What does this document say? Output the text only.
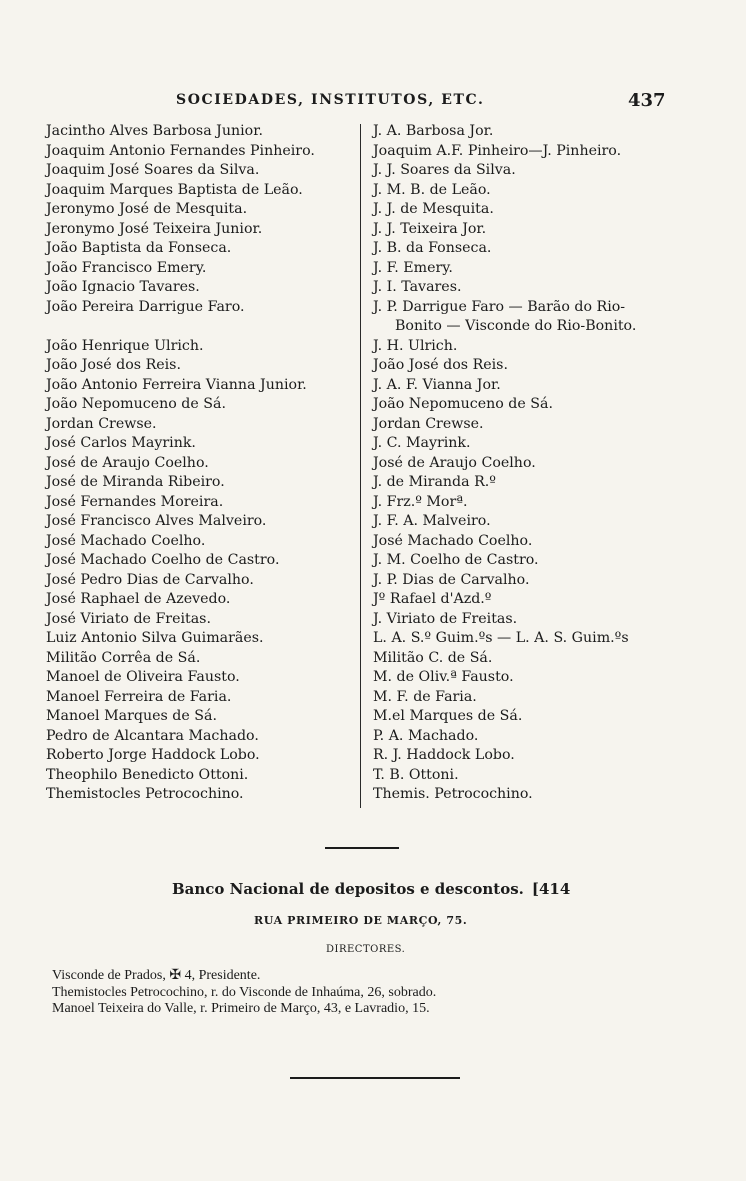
SOCIEDADES, INSTITUTOS, ETC.	437
Jacintho Alves Barbosa Junior.
Joaquim Antonio Fernandes Pinheiro.
Joaquim José Soares da Silva.
Joaquim Marques Baptista de Leão.
Jeronymo José de Mesquita.
Jeronymo José Teixeira Junior.
João Baptista da Fonseca.
João Francisco Emery.
João Ignacio Tavares.
João Pereira Darrigue Faro.
João Henrique Ulrich.
João José dos Reis.
João Antonio Ferreira Vianna Junior.
João Nepomuceno de Sá.
Jordan Crewse.
José Carlos Mayrink.
José de Araujo Coelho.
José de Miranda Ribeiro.
José Fernandes Moreira.
José Francisco Alves Malveiro.
José Machado Coelho.
José Machado Coelho de Castro.
José Pedro Dias de Carvalho.
José Raphael de Azevedo.
José Viriato de Freitas.
Luiz Antonio Silva Guimarães.
Militão Corrêa de Sá.
Manoel de Oliveira Fausto.
Manoel Ferreira de Faria.
Manoel Marques de Sá.
Pedro de Alcantara Machado.
Roberto Jorge Haddock Lobo.
Theophilo Benedicto Ottoni.
Themistocles Petrocochino.
J. A. Barbosa Jor.
Joaquim A.F. Pinheiro—J. Pinheiro.
J. J. Soares da Silva.
J. M. B. de Leão.
J. J. de Mesquita.
J. J. Teixeira Jor.
J. B. da Fonseca.
J. F. Emery.
J. I. Tavares.
J. P. Darrigue Faro — Barão do Rio-
Bonito — Visconde do Rio-Bonito.
J. H. Ulrich.
João José dos Reis.
J. A. F. Vianna Jor.
João Nepomuceno de Sá.
Jordan Crewse.
J. C. Mayrink.
José de Araujo Coelho.
J. de Miranda R.º
J. Frz.º Morª.
J. F. A. Malveiro.
José Machado Coelho.
J. M. Coelho de Castro.
J. P. Dias de Carvalho.
Jº Rafael d'Azd.º
J. Viriato de Freitas.
L. A. S.º Guim.ºs — L. A. S. Guim.ºs
Militão C. de Sá.
M. de Oliv.ª Fausto.
M. F. de Faria.
M.el Marques de Sá.
P. A. Machado.
R. J. Haddock Lobo.
T. B. Ottoni.
Themis. Petrocochino.
Banco Nacional de depositos e descontos. [414
RUA PRIMEIRO DE MARÇO, 75.
DIRECTORES.
Visconde de Prados, ✠ 4, Presidente.
Themistocles Petrocochino, r. do Visconde de Inhaúma, 26, sobrado.
Manoel Teixeira do Valle, r. Primeiro de Março, 43, e Lavradio, 15.
